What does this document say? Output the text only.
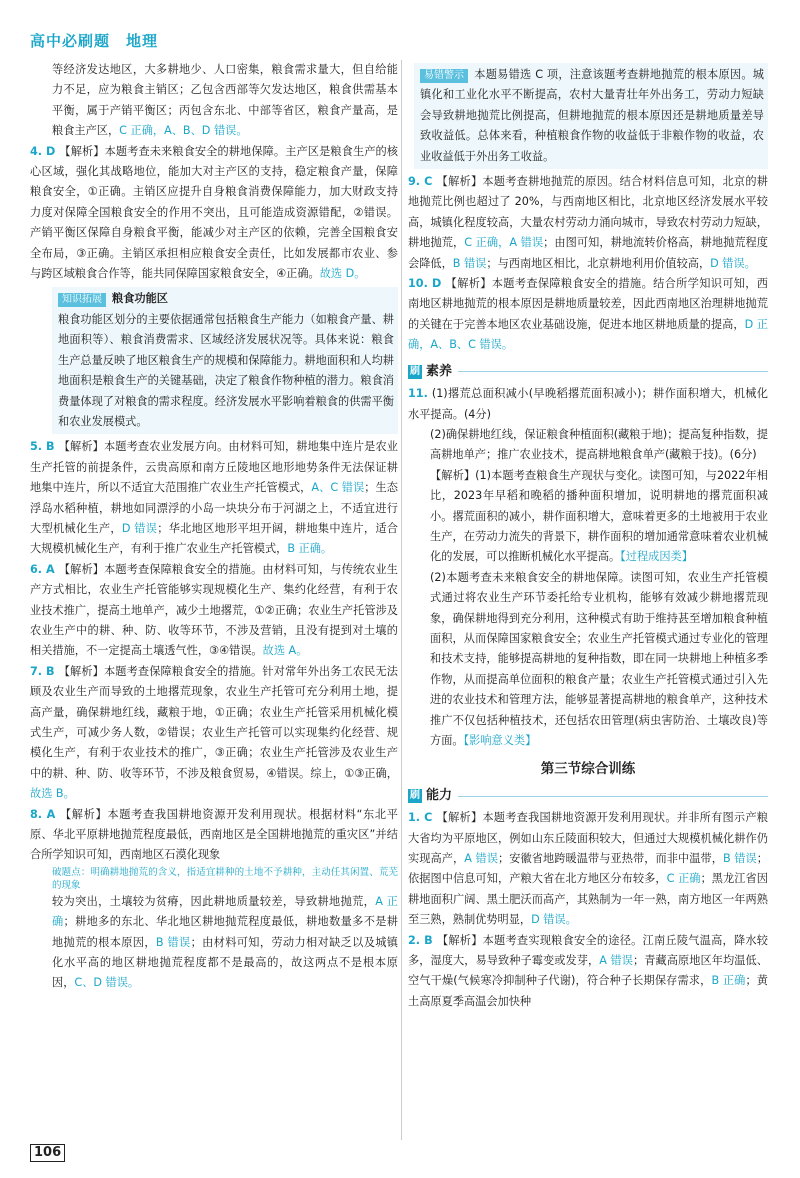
高中必刷题　地理

等经济发达地区，大多耕地少、人口密集，粮食需求量大，但自给能力不足，应为粮食主销区；乙包含西部等欠发达地区，粮食供需基本平衡，属于产销平衡区；丙包含东北、中部等省区，粮食产量高，是粮食主产区，C 正确，A、B、D 错误。

4. D 【解析】本题考查未来粮食安全的耕地保障。主产区是粮食生产的核心区域，强化其战略地位，能加大对主产区的支持，稳定粮食产量，保障粮食安全，①正确。主销区应提升自身粮食消费保障能力，加大财政支持力度对保障全国粮食安全的作用不突出，且可能造成资源错配，②错误。产销平衡区保障自身粮食平衡，能减少对主产区的依赖，完善全国粮食安全布局，③正确。主销区承担相应粮食安全责任，比如发展都市农业、参与跨区域粮食合作等，能共同保障国家粮食安全，④正确。故选 D。

知识拓展 粮食功能区
粮食功能区划分的主要依据通常包括粮食生产能力（如粮食产量、耕地面积等）、粮食消费需求、区域经济发展状况等。具体来说：粮食生产总量反映了地区粮食生产的规模和保障能力。耕地面积和人均耕地面积是粮食生产的关键基础，决定了粮食作物种植的潜力。粮食消费量体现了对粮食的需求程度。经济发展水平影响着粮食的供需平衡和农业发展模式。

5. B 【解析】本题考查农业发展方向。由材料可知，耕地集中连片是农业生产托管的前提条件，云贵高原和南方丘陵地区地形地势条件无法保证耕地集中连片，所以不适宜大范围推广农业生产托管模式，A、C 错误；生态浮岛水稻种植，耕地如同漂浮的小岛一块块分布于河湖之上，不适宜进行大型机械化生产，D 错误；华北地区地形平坦开阔，耕地集中连片，适合大规模机械化生产，有利于推广农业生产托管模式，B 正确。

6. A 【解析】本题考查保障粮食安全的措施。由材料可知，与传统农业生产方式相比，农业生产托管能够实现规模化生产、集约化经营，有利于农业技术推广，提高土地单产，减少土地撂荒，①②正确；农业生产托管涉及农业生产中的耕、种、防、收等环节，不涉及营销，且没有提到对土壤的相关措施，不一定提高土壤透气性，③④错误。故选 A。

7. B 【解析】本题考查保障粮食安全的措施。针对常年外出务工农民无法顾及农业生产而导致的土地撂荒现象，农业生产托管可充分利用土地，提高产量，确保耕地红线，藏粮于地，①正确；农业生产托管采用机械化模式生产，可减少务人数，②错误；农业生产托管可以实现集约化经营、规模化生产，有利于农业技术的推广，③正确；农业生产托管涉及农业生产中的耕、种、防、收等环节，不涉及粮食贸易，④错误。综上，①③正确，故选 B。

8. A 【解析】本题考查我国耕地资源开发利用现状。根据材料“东北平原、华北平原耕地抛荒程度最低，西南地区是全国耕地抛荒的重灾区”并结合所学知识可知，西南地区石漠化现象

破题点：明确耕地抛荒的含义，指适宜耕种的土地不予耕种，主动任其闲置、荒芜的现象

较为突出，土壤较为贫瘠，因此耕地质量较差，导致耕地抛荒，A 正确；耕地多的东北、华北地区耕地抛荒程度最低，耕地数量多不是耕地抛荒的根本原因，B 错误；由材料可知，劳动力相对缺乏以及城镇化水平高的地区耕地抛荒程度都不是最高的，故这两点不是根本原因，C、D 错误。

易错警示 本题易错选 C 项，注意该题考查耕地抛荒的根本原因。城镇化和工业化水平不断提高，农村大量青壮年外出务工，劳动力短缺会导致耕地抛荒比例提高，但耕地抛荒的根本原因还是耕地质量差导致收益低。总体来看，种植粮食作物的收益低于非粮作物的收益，农业收益低于外出务工收益。

9. C 【解析】本题考查耕地抛荒的原因。结合材料信息可知，北京的耕地抛荒比例也超过了 20%，与西南地区相比，北京地区经济发展水平较高，城镇化程度较高，大量农村劳动力涌向城市，导致农村劳动力短缺，耕地抛荒，C 正确，A 错误；由图可知，耕地流转价格高，耕地抛荒程度会降低，B 错误；与西南地区相比，北京耕地利用价值较高，D 错误。

10. D 【解析】本题考查保障粮食安全的措施。结合所学知识可知，西南地区耕地抛荒的根本原因是耕地质量较差，因此西南地区治理耕地抛荒的关键在于完善本地区农业基础设施，促进本地区耕地质量的提高，D 正确，A、B、C 错误。

刷 素养

11. (1)撂荒总面积减小(早晚稻撂荒面积减小)；耕作面积增大，机械化水平提高。(4分)

(2)确保耕地红线，保证粮食种植面积(藏粮于地)；提高复种指数，提高耕地单产；推广农业技术，提高耕地粮食单产(藏粮于技)。(6分)

【解析】(1)本题考查粮食生产现状与变化。读图可知，与2022年相比，2023年早稻和晚稻的播种面积增加，说明耕地的撂荒面积减小。撂荒面积的减小，耕作面积增大，意味着更多的土地被用于农业生产，在劳动力流失的背景下，耕作面积的增加通常意味着农业机械化的发展，可以推断机械化水平提高。【过程成因类】

(2)本题考查未来粮食安全的耕地保障。读图可知，农业生产托管模式通过将农业生产环节委托给专业机构，能够有效减少耕地撂荒现象，确保耕地得到充分利用，这种模式有助于维持甚至增加粮食种植面积，从而保障国家粮食安全；农业生产托管模式通过专业化的管理和技术支持，能够提高耕地的复种指数，即在同一块耕地上种植多季作物，从而提高单位面积的粮食产量；农业生产托管模式通过引入先进的农业技术和管理方法，能够显著提高耕地的粮食单产，这种技术推广不仅包括种植技术，还包括农田管理(病虫害防治、土壤改良)等方面。【影响意义类】

第三节综合训练
刷 能力

1. C 【解析】本题考查我国耕地资源开发利用现状。并非所有图示产粮大省均为平原地区，例如山东丘陵面积较大，但通过大规模机械化耕作仍实现高产，A 错误；安徽省地跨暖温带与亚热带，而非中温带，B 错误；依据图中信息可知，产粮大省在北方地区分布较多，C 正确；黑龙江省因耕地面积广阔、黑土肥沃而高产，其熟制为一年一熟，南方地区一年两熟至三熟，熟制优势明显，D 错误。

2. B 【解析】本题考查实现粮食安全的途径。江南丘陵气温高，降水较多，湿度大，易导致种子霉变或发芽，A 错误；青藏高原地区年均温低、空气干燥(气候寒冷抑制种子代谢)，符合种子长期保存需求，B 正确；黄土高原夏季高温会加快种

106
